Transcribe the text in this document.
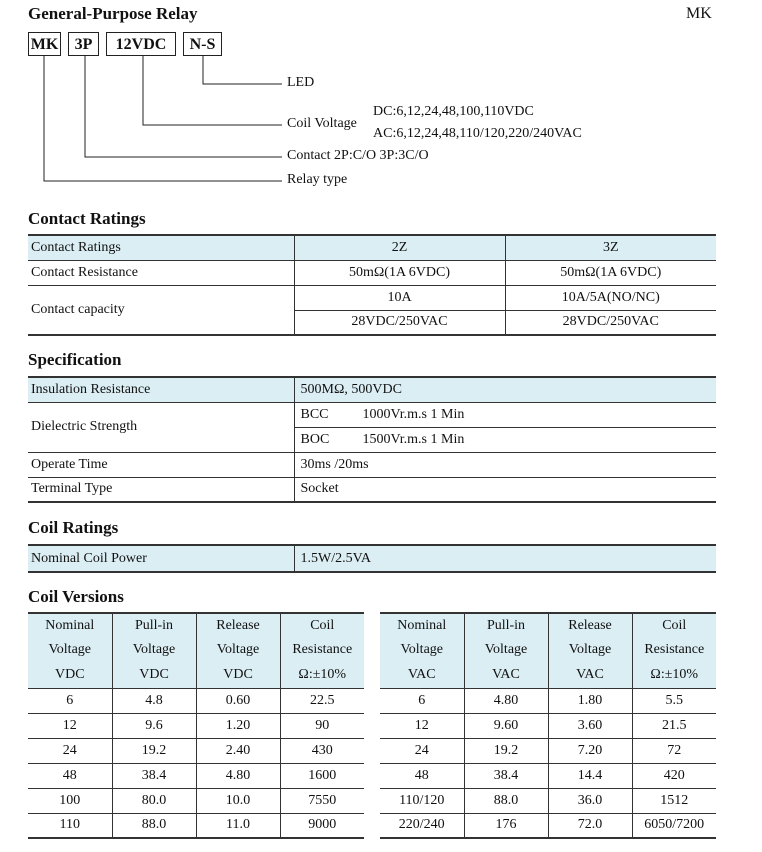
General-Purpose Relay	MK
MK	3P	12VDC	N-S
LED
Coil Voltage
DC:6,12,24,48,100,110VDC
AC:6,12,24,48,110/120,220/240VAC
Contact 2P:C/O 3P:3C/O
Relay type
Contact Ratings
Contact Ratings	2Z	3Z
Contact Resistance	50mΩ(1A 6VDC)	50mΩ(1A 6VDC)
Contact capacity	10A	10A/5A(NO/NC)
	28VDC/250VAC	28VDC/250VAC
Specification
Insulation Resistance	500MΩ, 500VDC
Dielectric Strength	BCC 1000Vr.m.s 1 Min
	BOC 1500Vr.m.s 1 Min
Operate Time	30ms /20ms
Terminal Type	Socket
Coil Ratings
Nominal Coil Power	1.5W/2.5VA
Coil Versions
Nominal	Pull-in	Release	Coil
Voltage	Voltage	Voltage	Resistance
VDC	VDC	VDC	Ω:±10%
6	4.8	0.60	22.5
12	9.6	1.20	90
24	19.2	2.40	430
48	38.4	4.80	1600
100	80.0	10.0	7550
110	88.0	11.0	9000
Nominal	Pull-in	Release	Coil
Voltage	Voltage	Voltage	Resistance
VAC	VAC	VAC	Ω:±10%
6	4.80	1.80	5.5
12	9.60	3.60	21.5
24	19.2	7.20	72
48	38.4	14.4	420
110/120	88.0	36.0	1512
220/240	176	72.0	6050/7200
